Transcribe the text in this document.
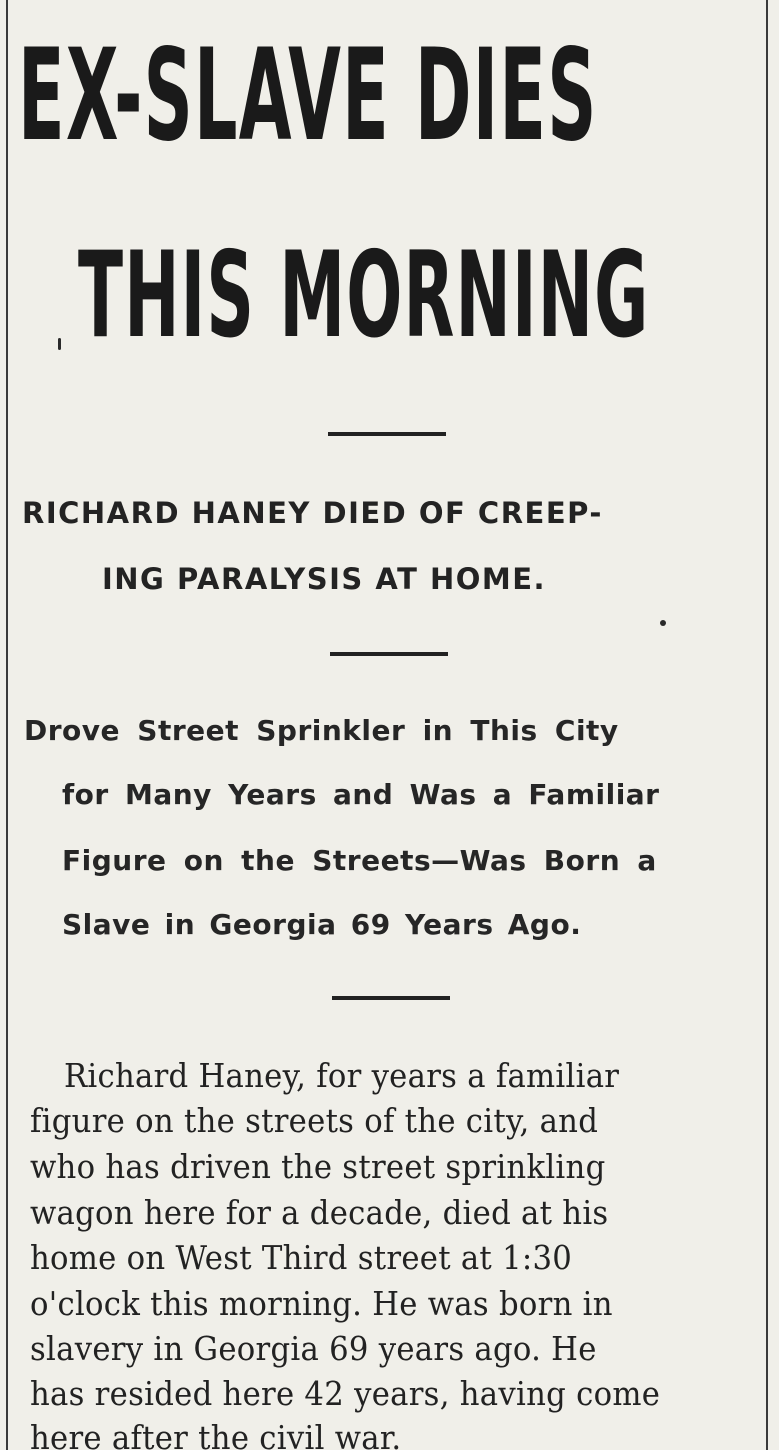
EX-SLAVE DIES
THIS MORNING
RICHARD HANEY DIED OF CREEP-
ING PARALYSIS AT HOME.
Drove Street Sprinkler in This City
for Many Years and Was a Familiar
Figure on the Streets—Was Born a
Slave in Georgia 69 Years Ago.
Richard Haney, for years a familiar
figure on the streets of the city, and
who has driven the street sprinkling
wagon here for a decade, died at his
home on West Third street at 1:30
o'clock this morning. He was born in
slavery in Georgia 69 years ago. He
has resided here 42 years, having come
here after the civil war.
